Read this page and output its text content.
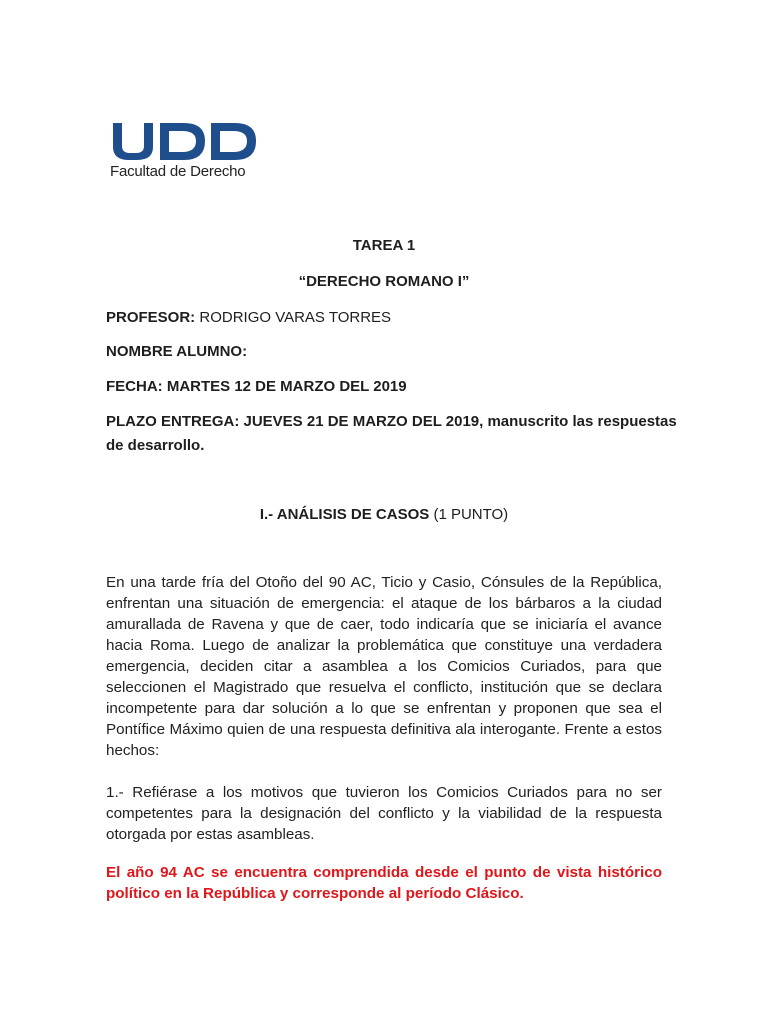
Facultad de Derecho
TAREA 1
“DERECHO ROMANO I”
PROFESOR: RODRIGO VARAS TORRES
NOMBRE ALUMNO:
FECHA: MARTES 12 DE MARZO DEL 2019
PLAZO ENTREGA: JUEVES 21 DE MARZO DEL 2019, manuscrito las respuestas
de desarrollo.
I.- ANÁLISIS DE CASOS (1 PUNTO)
En una tarde fría del Otoño del 90 AC, Ticio y Casio, Cónsules de la República, enfrentan una situación de emergencia: el ataque de los bárbaros a la ciudad amurallada de Ravena y que de caer, todo indicaría que se iniciaría el avance hacia Roma. Luego de analizar la problemática que constituye una verdadera emergencia, deciden citar a asamblea a los Comicios Curiados, para que seleccionen el Magistrado que resuelva el conflicto, institución que se declara incompetente para dar solución a lo que se enfrentan y proponen que sea el Pontífice Máximo quien de una respuesta definitiva ala interogante. Frente a estos hechos:
1.- Refiérase a los motivos que tuvieron los Comicios Curiados para no ser competentes para la designación del conflicto y la viabilidad de la respuesta otorgada por estas asambleas.
El año 94 AC se encuentra comprendida desde el punto de vista histórico político en la República y corresponde al período Clásico.
